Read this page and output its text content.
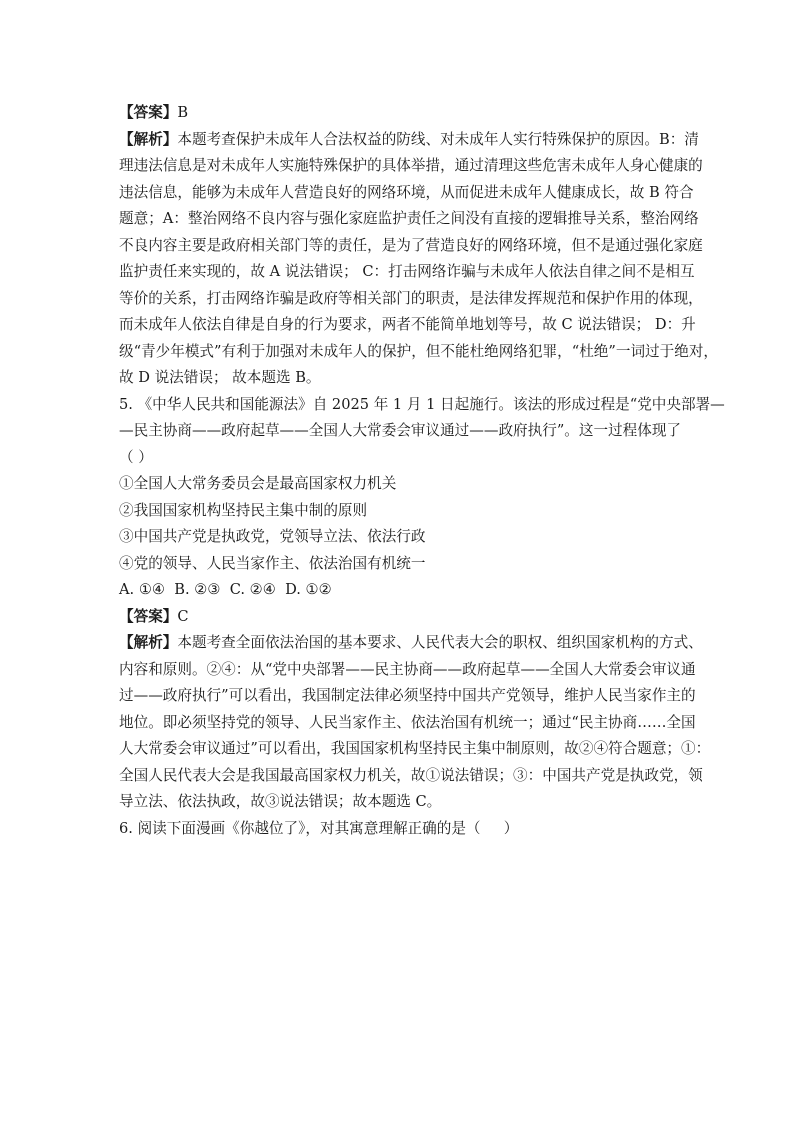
【答案】B

【解析】本题考查保护未成年人合法权益的防线、对未成年人实行特殊保护的原因。B：清
理违法信息是对未成年人实施特殊保护的具体举措，通过清理这些危害未成年人身心健康的
违法信息，能够为未成年人营造良好的网络环境，从而促进未成年人健康成长，故 B 符合
题意；A：整治网络不良内容与强化家庭监护责任之间没有直接的逻辑推导关系，整治网络
不良内容主要是政府相关部门等的责任，是为了营造良好的网络环境，但不是通过强化家庭
监护责任来实现的，故 A 说法错误； C：打击网络诈骗与未成年人依法自律之间不是相互
等价的关系，打击网络诈骗是政府等相关部门的职责，是法律发挥规范和保护作用的体现，
而未成年人依法自律是自身的行为要求，两者不能简单地划等号，故 C 说法错误； D：升
级“青少年模式”有利于加强对未成年人的保护，但不能杜绝网络犯罪，“杜绝”一词过于绝对，
故 D 说法错误； 故本题选 B。
5. 《中华人民共和国能源法》自 2025 年 1 月 1 日起施行。该法的形成过程是“党中央部署—
—民主协商——政府起草——全国人大常委会审议通过——政府执行”。这一过程体现了
（ ）
①全国人大常务委员会是最高国家权力机关
②我国国家机构坚持民主集中制的原则
③中国共产党是执政党，党领导立法、依法行政
④党的领导、人民当家作主、依法治国有机统一

A. ①④  B. ②③  C. ②④  D. ①②

【答案】C

【解析】本题考查全面依法治国的基本要求、人民代表大会的职权、组织国家机构的方式、
内容和原则。②④：从“党中央部署——民主协商——政府起草——全国人大常委会审议通
过——政府执行”可以看出，我国制定法律必须坚持中国共产党领导，维护人民当家作主的
地位。即必须坚持党的领导、人民当家作主、依法治国有机统一；通过“民主协商……全国
人大常委会审议通过”可以看出，我国国家机构坚持民主集中制原则，故②④符合题意；①：
全国人民代表大会是我国最高国家权力机关，故①说法错误；③：中国共产党是执政党，领
导立法、依法执政，故③说法错误；故本题选 C。

6. 阅读下面漫画《你越位了》，对其寓意理解正确的是（     ）
